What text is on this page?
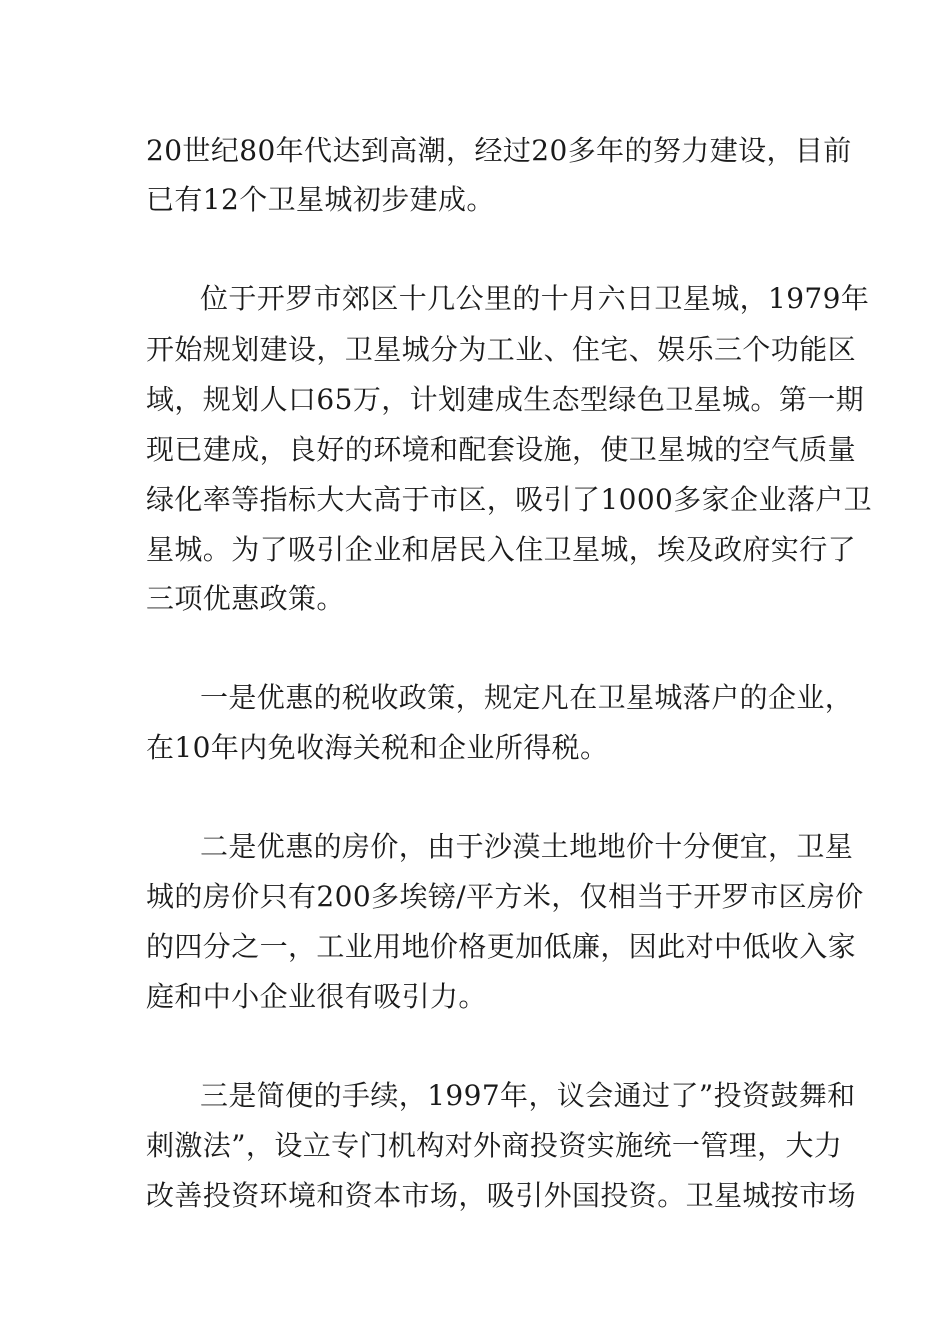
20世纪80年代达到高潮，经过20多年的努力建设，目前
已有12个卫星城初步建成。
位于开罗市郊区十几公里的十月六日卫星城，1979年
开始规划建设，卫星城分为工业、住宅、娱乐三个功能区
域，规划人口65万，计划建成生态型绿色卫星城。第一期
现已建成，良好的环境和配套设施，使卫星城的空气质量
绿化率等指标大大高于市区，吸引了1000多家企业落户卫
星城。为了吸引企业和居民入住卫星城，埃及政府实行了
三项优惠政策。
一是优惠的税收政策，规定凡在卫星城落户的企业，
在10年内免收海关税和企业所得税。
二是优惠的房价，由于沙漠土地地价十分便宜，卫星
城的房价只有200多埃镑/平方米，仅相当于开罗市区房价
的四分之一，工业用地价格更加低廉，因此对中低收入家
庭和中小企业很有吸引力。
三是简便的手续，1997年，议会通过了”投资鼓舞和
刺激法”，设立专门机构对外商投资实施统一管理，大力
改善投资环境和资本市场，吸引外国投资。卫星城按市场
